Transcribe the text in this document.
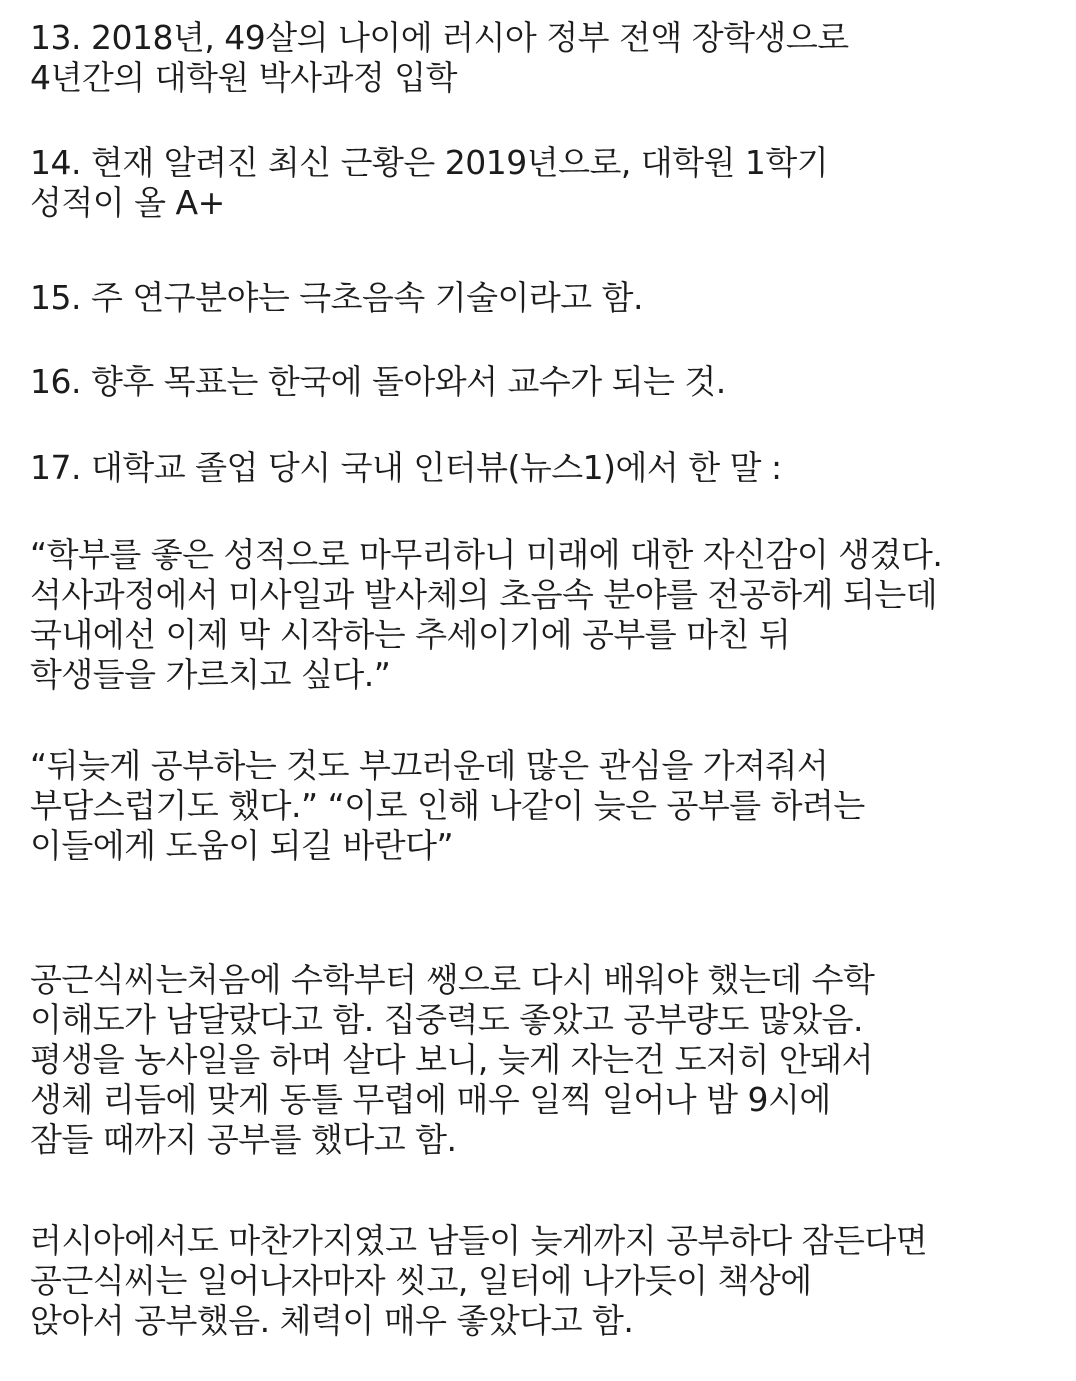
13. 2018년, 49살의 나이에 러시아 정부 전액 장학생으로
4년간의 대학원 박사과정 입학
14. 현재 알려진 최신 근황은 2019년으로, 대학원 1학기
성적이 올 A+
15. 주 연구분야는 극초음속 기술이라고 함.
16. 향후 목표는 한국에 돌아와서 교수가 되는 것.
17. 대학교 졸업 당시 국내 인터뷰(뉴스1)에서 한 말 :
“학부를 좋은 성적으로 마무리하니 미래에 대한 자신감이 생겼다.
석사과정에서 미사일과 발사체의 초음속 분야를 전공하게 되는데
국내에선 이제 막 시작하는 추세이기에 공부를 마친 뒤
학생들을 가르치고 싶다.”
“뒤늦게 공부하는 것도 부끄러운데 많은 관심을 가져줘서
부담스럽기도 했다.” “이로 인해 나같이 늦은 공부를 하려는
이들에게 도움이 되길 바란다”
공근식씨는처음에 수학부터 쌩으로 다시 배워야 했는데 수학
이해도가 남달랐다고 함. 집중력도 좋았고 공부량도 많았음.
평생을 농사일을 하며 살다 보니, 늦게 자는건 도저히 안돼서
생체 리듬에 맞게 동틀 무렵에 매우 일찍 일어나 밤 9시에
잠들 때까지 공부를 했다고 함.
러시아에서도 마찬가지였고 남들이 늦게까지 공부하다 잠든다면
공근식씨는 일어나자마자 씻고, 일터에 나가듯이 책상에
앉아서 공부했음. 체력이 매우 좋았다고 함.
